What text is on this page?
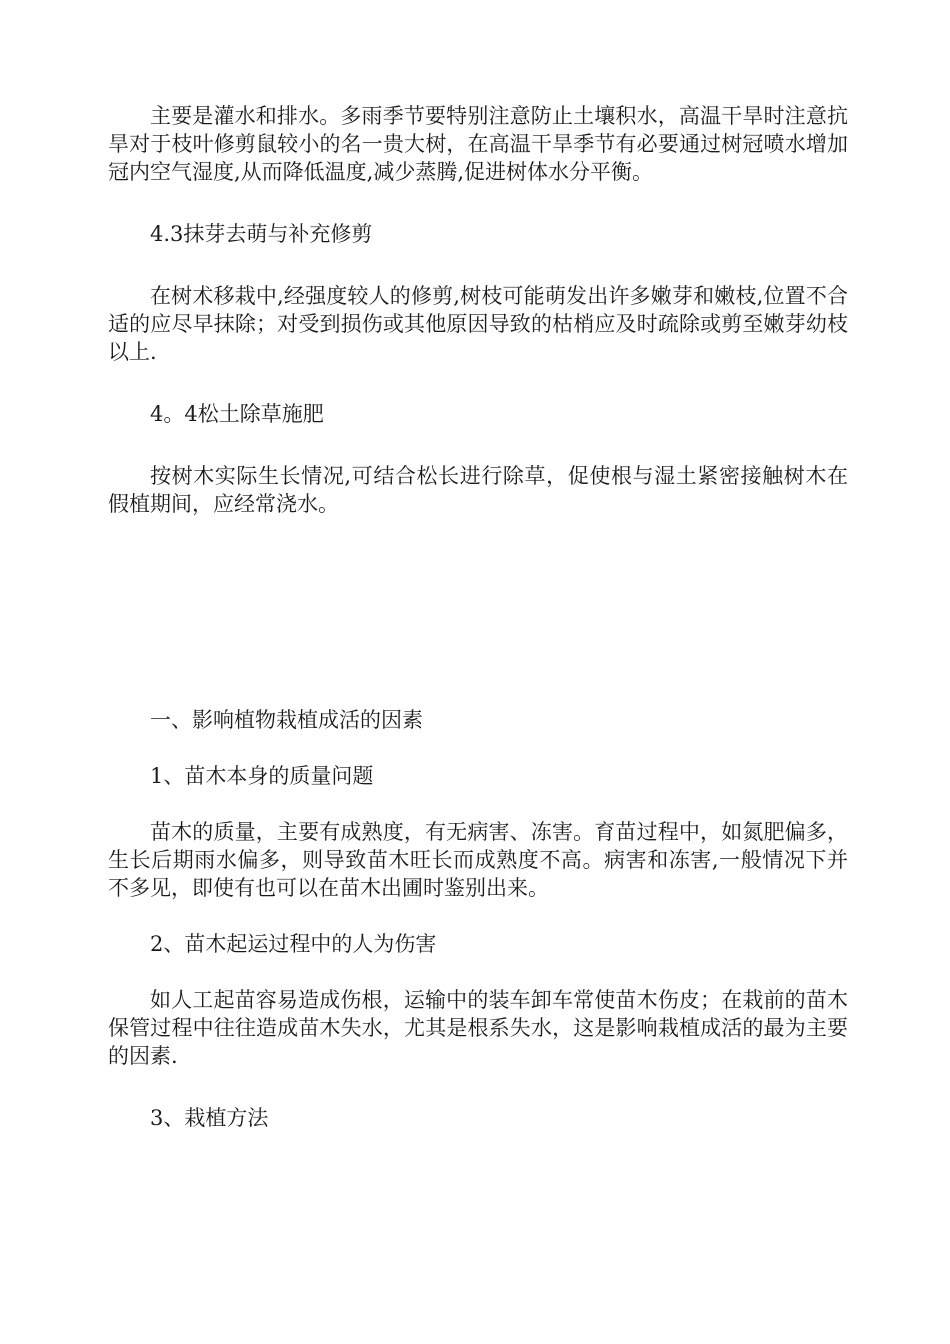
主要是灌水和排水。多雨季节要特别注意防止土壤积水，高温干旱时注意抗旱对于枝叶修剪鼠较小的名一贵大树，在高温干旱季节有必要通过树冠喷水增加冠内空气湿度,从而降低温度,减少蒸腾,促进树体水分平衡。

4.3抹芽去萌与补充修剪

在树术移栽中,经强度较人的修剪,树枝可能萌发出许多嫩芽和嫩枝,位置不合适的应尽早抹除；对受到损伤或其他原因导致的枯梢应及时疏除或剪至嫩芽幼枝以上.

4。4松土除草施肥

按树木实际生长情况,可结合松长进行除草，促使根与湿土紧密接触树木在假植期间，应经常浇水。

一、影响植物栽植成活的因素

1、苗木本身的质量问题

苗木的质量，主要有成熟度，有无病害、冻害。育苗过程中，如氮肥偏多，生长后期雨水偏多，则导致苗木旺长而成熟度不高。病害和冻害,一般情况下并不多见，即使有也可以在苗木出圃时鉴别出来。

2、苗木起运过程中的人为伤害

如人工起苗容易造成伤根，运输中的装车卸车常使苗木伤皮；在栽前的苗木保管过程中往往造成苗木失水，尤其是根系失水，这是影响栽植成活的最为主要的因素.

3、栽植方法
